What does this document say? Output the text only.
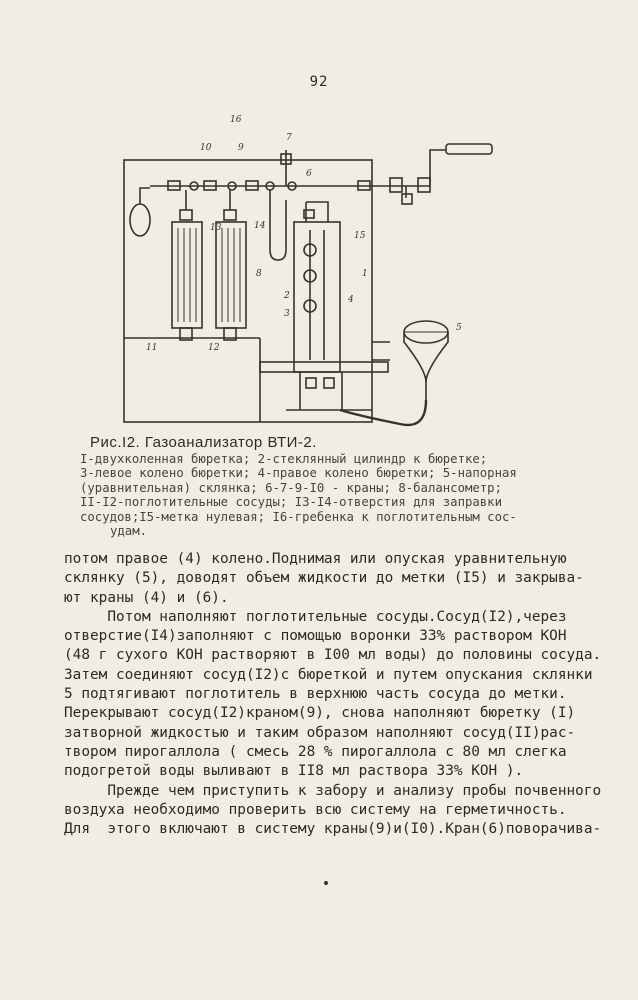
92
16
10	9
7
6
13	14
15
8	1
2
3
4
11	12
5
Рис.I2. Газоанализатор ВТИ-2.
I-двухколенная бюретка; 2-стеклянный цилиндр к бюретке;
3-левое колено бюретки; 4-правое колено бюретки; 5-напорная
(уравнительная) склянка; 6-7-9-I0 - краны; 8-балансометр;
II-I2-поглотительные сосуды; I3-I4-отверстия для заправки
сосудов;I5-метка нулевая; I6-гребенка к поглотительным сос-
удам.
потом правое (4) колено.Поднимая или опуская уравнительную
склянку (5), доводят объем жидкости до метки (I5) и закрыва-
ют краны (4) и (6).
Потом наполняют поглотительные сосуды.Сосуд(I2),через
отверстие(I4)заполняют с помощью воронки 33% раствором КОН
(48 г сухого КОН растворяют в I00 мл воды) до половины сосуда.
Затем соединяют сосуд(I2)с бюреткой и путем опускания склянки
5 подтягивают поглотитель в верхнюю часть сосуда до метки.
Перекрывают сосуд(I2)краном(9), снова наполняют бюретку (I)
затворной жидкостью и таким образом наполняют сосуд(II)рас-
твором пирогаллола ( смесь 28 % пирогаллола с 80 мл слегка
подогретой воды выливают в II8 мл раствора 33% КОН ).
Прежде чем приступить к забору и анализу пробы почвенного
воздуха необходимо проверить всю систему на герметичность.
Для  этого включают в систему краны(9)и(I0).Кран(6)поворачива-
